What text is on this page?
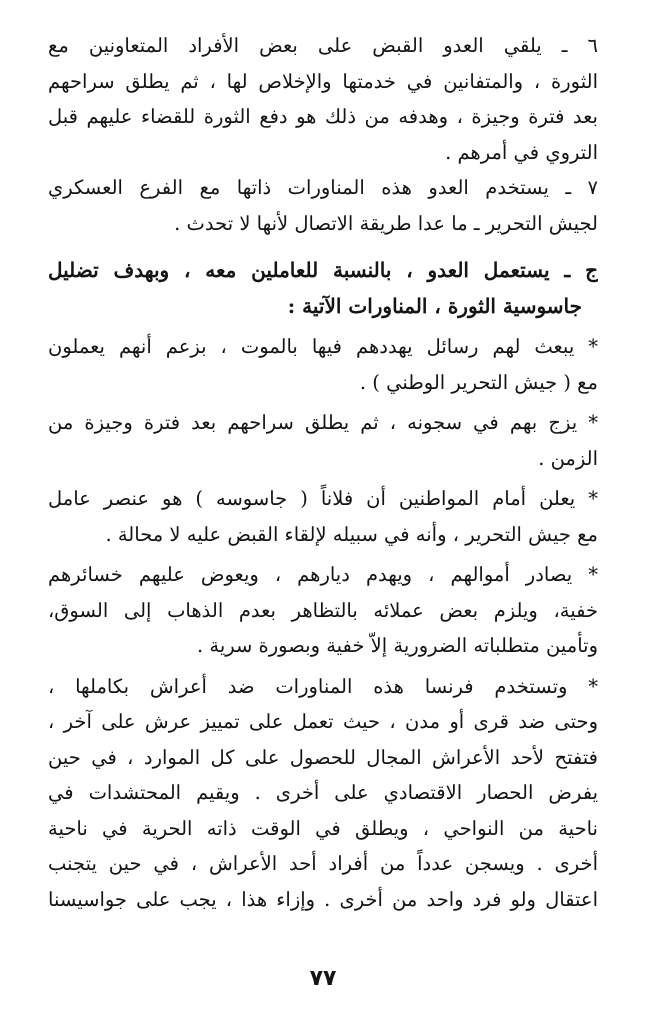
٦ ـ يلقي العدو القبض على بعض الأفراد المتعاونين مع
الثورة ، والمتفانين في خدمتها والإخلاص لها ، ثم يطلق سراحهم
بعد فترة وجيزة ، وهدفه من ذلك هو دفع الثورة للقضاء عليهم قبل
التروي في أمرهم .
٧ ـ يستخدم العدو هذه المناورات ذاتها مع الفرع العسكري
لجيش التحرير ـ ما عدا طريقة الاتصال لأنها لا تحدث .
ج ـ يستعمل العدو ، بالنسبة للعاملين معه ، وبهدف تضليل
جاسوسية الثورة ، المناورات الآتية :
* يبعث لهم رسائل يهددهم فيها بالموت ، بزعم أنهم يعملون
مع ( جيش التحرير الوطني ) .
* يزج بهم في سجونه ، ثم يطلق سراحهم بعد فترة وجيزة من
الزمن .
* يعلن أمام المواطنين أن فلاناً ( جاسوسه ) هو عنصر عامل
مع جيش التحرير ، وأنه في سبيله لإلقاء القبض عليه لا محالة .
* يصادر أموالهم ، ويهدم ديارهم ، ويعوض عليهم خسائرهم
خفية، ويلزم بعض عملائه بالتظاهر بعدم الذهاب إلى السوق،
وتأمين متطلباته الضرورية إلاّ خفية وبصورة سرية .
* وتستخدم فرنسا هذه المناورات ضد أعراش بكاملها ،
وحتى ضد قرى أو مدن ، حيث تعمل على تمييز عرش على آخر ،
فتفتح لأحد الأعراش المجال للحصول على كل الموارد ، في حين
يفرض الحصار الاقتصادي على أخرى . ويقيم المحتشدات في
ناحية من النواحي ، ويطلق في الوقت ذاته الحرية في ناحية
أخرى . ويسجن عدداً من أفراد أحد الأعراش ، في حين يتجنب
اعتقال ولو فرد واحد من أخرى . وإزاء هذا ، يجب على جواسيسنا
٧٧
